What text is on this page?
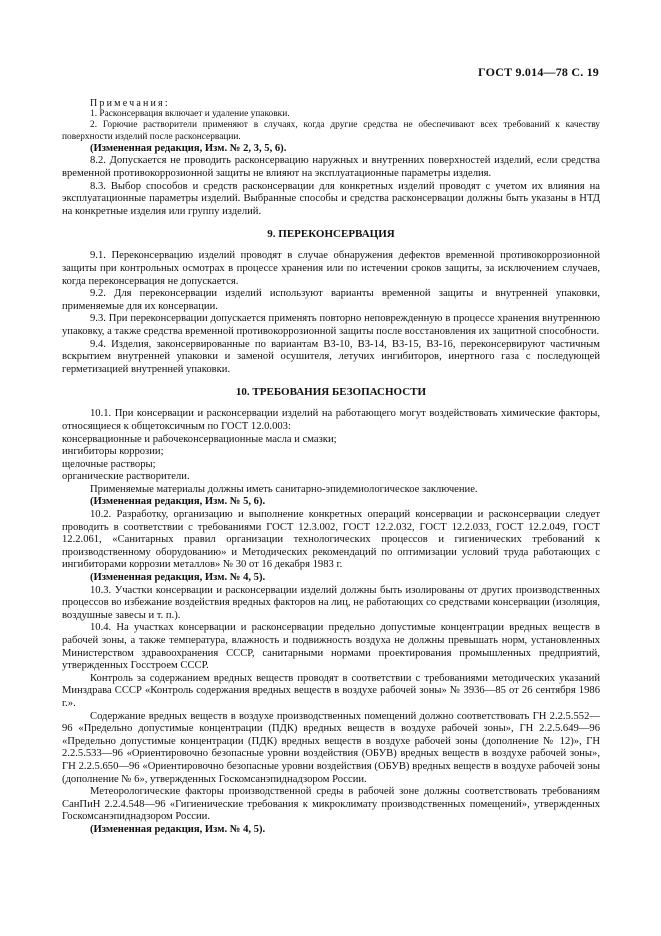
ГОСТ 9.014—78 С. 19

Примечания:

1. Расконсервация включает и удаление упаковки.

2. Горючие растворители применяют в случаях, когда другие средства не обеспечивают всех требований к качеству поверхности изделий после расконсервации.

(Измененная редакция, Изм. № 2, 3, 5, 6).

8.2. Допускается не проводить расконсервацию наружных и внутренних поверхностей изделий, если средства временной противокоррозионной защиты не влияют на эксплуатационные параметры изделия.

8.3. Выбор способов и средств расконсервации для конкретных изделий проводят с учетом их влияния на эксплуатационные параметры изделий. Выбранные способы и средства расконсервации должны быть указаны в НТД на конкретные изделия или группу изделий.

9. ПЕРЕКОНСЕРВАЦИЯ

9.1. Переконсервацию изделий проводят в случае обнаружения дефектов временной противокоррозионной защиты при контрольных осмотрах в процессе хранения или по истечении сроков защиты, за исключением случаев, когда переконсервация не допускается.

9.2. Для переконсервации изделий используют варианты временной защиты и внутренней упаковки, применяемые для их консервации.

9.3. При переконсервации допускается применять повторно неповрежденную в процессе хранения внутреннюю упаковку, а также средства временной противокоррозионной защиты после восстановления их защитной способности.

9.4. Изделия, законсервированные по вариантам ВЗ-10, ВЗ-14, ВЗ-15, ВЗ-16, переконсервируют частичным вскрытием внутренней упаковки и заменой осушителя, летучих ингибиторов, инертного газа с последующей герметизацией внутренней упаковки.

10. ТРЕБОВАНИЯ БЕЗОПАСНОСТИ

10.1. При консервации и расконсервации изделий на работающего могут воздействовать химические факторы, относящиеся к общетоксичным по ГОСТ 12.0.003:

консервационные и рабочеконсервационные масла и смазки;

ингибиторы коррозии;

щелочные растворы;

органические растворители.

Применяемые материалы должны иметь санитарно-эпидемиологическое заключение.

(Измененная редакция, Изм. № 5, 6).

10.2. Разработку, организацию и выполнение конкретных операций консервации и расконсервации следует проводить в соответствии с требованиями ГОСТ 12.3.002, ГОСТ 12.2.032, ГОСТ 12.2.033, ГОСТ 12.2.049, ГОСТ 12.2.061, «Санитарных правил организации технологических процессов и гигиенических требований к производственному оборудованию» и Методических рекомендаций по оптимизации условий труда работающих с ингибиторами коррозии металлов» № 30 от 16 декабря 1983 г.

(Измененная редакция, Изм. № 4, 5).

10.3. Участки консервации и расконсервации изделий должны быть изолированы от других производственных процессов во избежание воздействия вредных факторов на лиц, не работающих со средствами консервации (изоляция, воздушные завесы и т. п.).

10.4. На участках консервации и расконсервации предельно допустимые концентрации вредных веществ в рабочей зоны, а также температура, влажность и подвижность воздуха не должны превышать норм, установленных Министерством здравоохранения СССР, санитарными нормами проектирования промышленных предприятий, утвержденных Госстроем СССР.

Контроль за содержанием вредных веществ проводят в соответствии с требованиями методических указаний Минздрава СССР «Контроль содержания вредных веществ в воздухе рабочей зоны» № 3936—85 от 26 сентября 1986 г.».

Содержание вредных веществ в воздухе производственных помещений должно соответствовать ГН 2.2.5.552—96 «Предельно допустимые концентрации (ПДК) вредных веществ в воздухе рабочей зоны», ГН 2.2.5.649—96 «Предельно допустимые концентрации (ПДК) вредных веществ в воздухе рабочей зоны (дополнение № 12)», ГН 2.2.5.533—96 «Ориентировочно безопасные уровни воздействия (ОБУВ) вредных веществ в воздухе рабочей зоны», ГН 2.2.5.650—96 «Ориентировочно безопасные уровни воздействия (ОБУВ) вредных веществ в воздухе рабочей зоны (дополнение № 6», утвержденных Госкомсанэпиднадзором России.

Метеорологические факторы производственной среды в рабочей зоне должны соответствовать требованиям СанПиН 2.2.4.548—96 «Гигиенические требования к микроклимату производственных помещений», утвержденных Госкомсанэпиднадзором России.

(Измененная редакция, Изм. № 4, 5).
